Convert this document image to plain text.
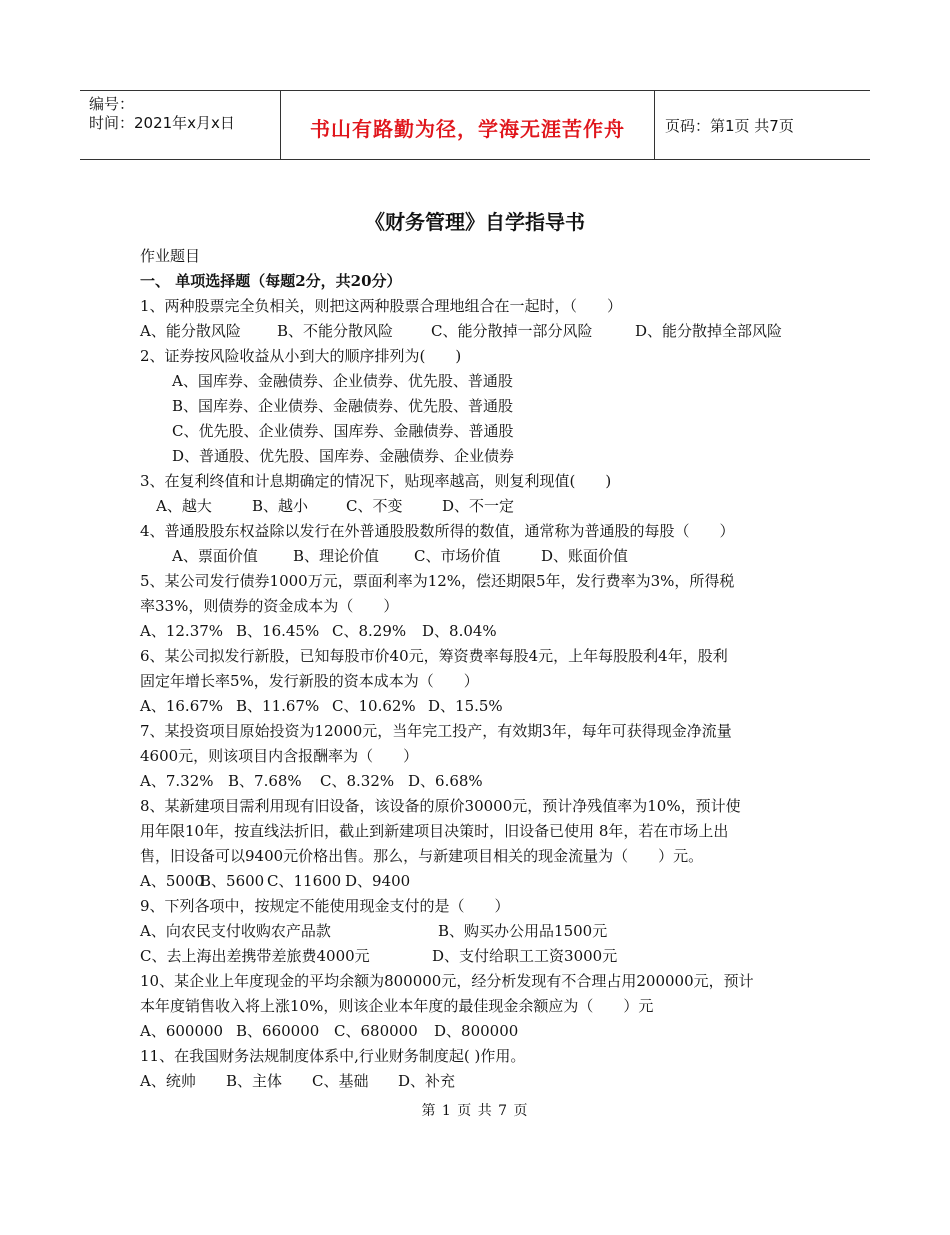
编号：
时间：2021年x月x日	书山有路勤为径，学海无涯苦作舟	页码：第1页 共7页
《财务管理》自学指导书
作业题目
一、 单项选择题（每题2分，共20分）
1、两种股票完全负相关，则把这两种股票合理地组合在一起时，（　　）
A、能分散风险 B、不能分散风险	C、能分散掉一部分风险	D、能分散掉全部风险
2、证券按风险收益从小到大的顺序排列为(　　)
A、国库券、金融债券、企业债券、优先股、普通股
B、国库券、企业债券、金融债券、优先股、普通股
C、优先股、企业债券、国库券、金融债券、普通股
D、普通股、优先股、国库券、金融债券、企业债券
3、在复利终值和计息期确定的情况下，贴现率越高，则复利现值(　　)
A、越大	B、越小	C、不变	D、不一定
4、普通股股东权益除以发行在外普通股股数所得的数值，通常称为普通股的每股（　　）
A、票面价值 B、理论价值 C、市场价值	D、账面价值
5、某公司发行债券1000万元，票面利率为12%，偿还期限5年，发行费率为3%，所得税
率33%，则债券的资金成本为（　　）
A、12.37% B、16.45% C、8.29% D、8.04%
6、某公司拟发行新股，已知每股市价40元，筹资费率每股4元，上年每股股利4年，股利
固定年增长率5%，发行新股的资本成本为（　　）
A、16.67% B、11.67% C、10.62% D、15.5%
7、某投资项目原始投资为12000元，当年完工投产，有效期3年，每年可获得现金净流量
4600元，则该项目内含报酬率为（　　）
A、7.32% B、7.68% C、8.32% D、6.68%
8、某新建项目需利用现有旧设备，该设备的原价30000元，预计净残值率为10%，预计使
用年限10年，按直线法折旧，截止到新建项目决策时，旧设备已使用 8年，若在市场上出
售，旧设备可以9400元价格出售。那么，与新建项目相关的现金流量为（　　）元。
A、5000B、5600 C、11600 D、9400
9、下列各项中，按规定不能使用现金支付的是（　　）
A、向农民支付收购农产品款	B、购买办公用品1500元
C、去上海出差携带差旅费4000元	D、支付给职工工资3000元
10、某企业上年度现金的平均余额为800000元，经分析发现有不合理占用200000元，预计
本年度销售收入将上涨10%，则该企业本年度的最佳现金余额应为（　　）元
A、600000 B、660000 C、680000 D、800000
11、在我国财务法规制度体系中,行业财务制度起( )作用。
A、统帅 B、主体 C、基础 D、补充
第 1 页 共 7 页
